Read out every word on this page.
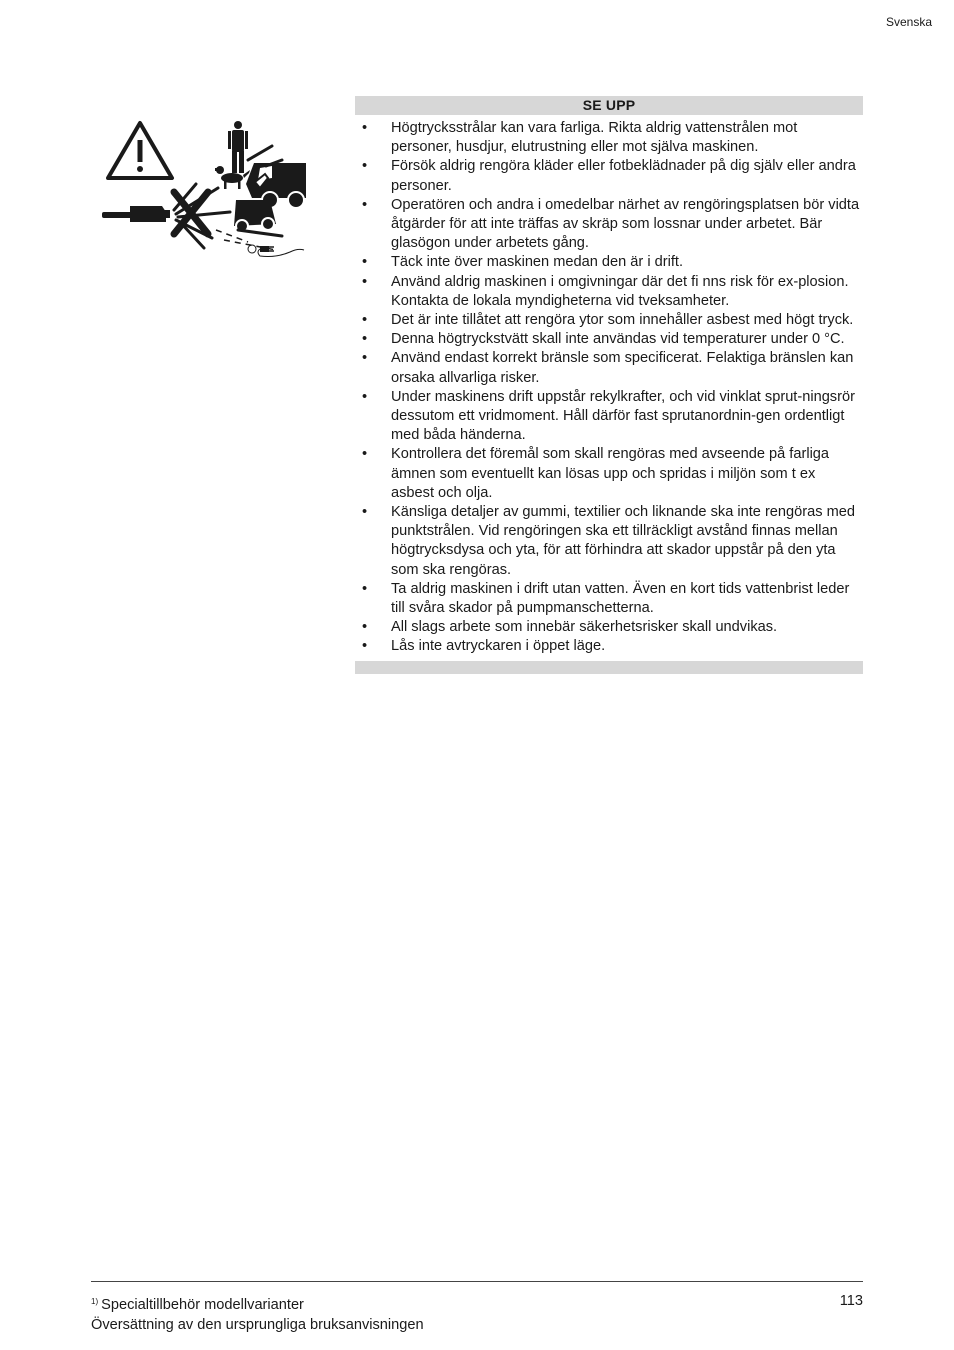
Svenska
SE UPP
• Högtrycksstrålar kan vara farliga. Rikta aldrig vattenstrålen mot personer, husdjur, elutrustning eller mot själva maskinen.
• Försök aldrig rengöra kläder eller fotbeklädnader på dig själv eller andra personer.
• Operatören och andra i omedelbar närhet av rengöringsplatsen bör vidta åtgärder för att inte träffas av skräp som lossnar under arbetet. Bär glasögon under arbetets gång.
• Täck inte över maskinen medan den är i drift.
• Använd aldrig maskinen i omgivningar där det fi nns risk för ex-plosion. Kontakta de lokala myndigheterna vid tveksamheter.
• Det är inte tillåtet att rengöra ytor som innehåller asbest med högt tryck.
• Denna högtryckstvätt skall inte användas vid temperaturer under 0 °C.
• Använd endast korrekt bränsle som specificerat. Felaktiga bränslen kan orsaka allvarliga risker.
• Under maskinens drift uppstår rekylkrafter, och vid vinklat sprut-ningsrör dessutom ett vridmoment. Håll därför fast sprutanordnin-gen ordentligt med båda händerna.
• Kontrollera det föremål som skall rengöras med avseende på farliga ämnen som eventuellt kan lösas upp och spridas i miljön som t ex asbest och olja.
• Känsliga detaljer av gummi, textilier och liknande ska inte rengöras med punktstrålen. Vid rengöringen ska ett tillräckligt avstånd finnas mellan högtrycksdysa och yta, för att förhindra att skador uppstår på den yta som ska rengöras.
• Ta aldrig maskinen i drift utan vatten. Även en kort tids vattenbrist leder till svåra skador på pumpmanschetterna.
• All slags arbete som innebär säkerhetsrisker skall undvikas.
• Lås inte avtryckaren i öppet läge.
$^{1)}$ Specialtillbehör modellvarianter
Översättning av den ursprungliga bruksanvisningen
113
